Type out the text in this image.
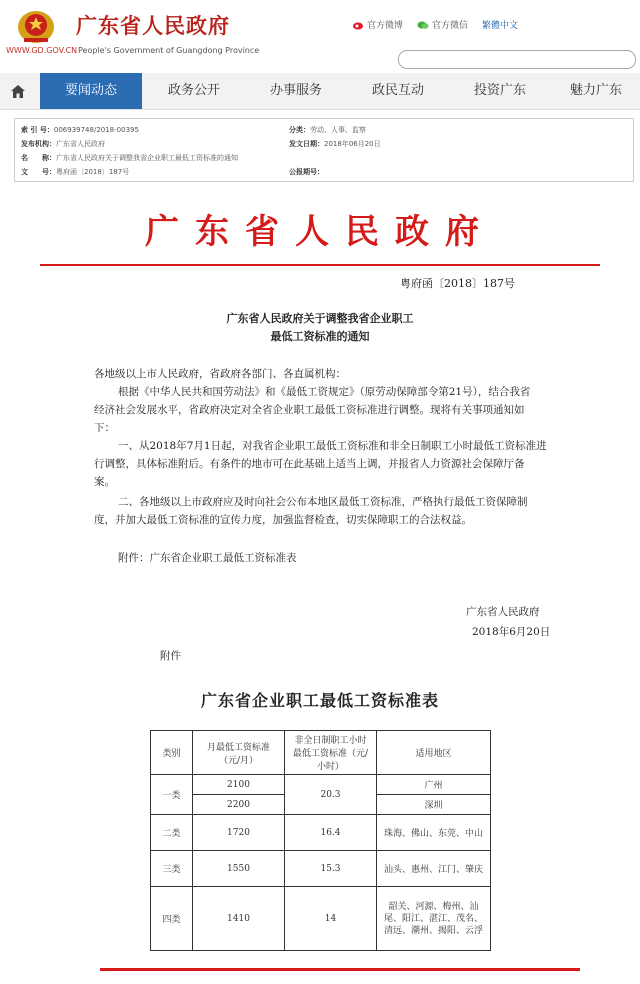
广东省人民政府
WWW.GD.GOV.CN People's Government of Guangdong Province
官方微博	官方微信 繁體中文
要闻动态	政务公开	办事服务	政民互动	投资广东	魅力广东
索 引 号：006939748/2018-00395	分类：劳动、人事、监察
发布机构：广东省人民政府	发文日期：2018年06月20日
名　　称：广东省人民政府关于调整我省企业职工最低工资标准的通知
文　　号：粤府函〔2018〕187号	公报期号：
广东省人民政府
粤府函〔2018〕187号
广东省人民政府关于调整我省企业职工
最低工资标准的通知
各地级以上市人民政府，省政府各部门、各直属机构：
根据《中华人民共和国劳动法》和《最低工资规定》（原劳动保障部令第21号），结合我省
经济社会发展水平，省政府决定对全省企业职工最低工资标准进行调整。现将有关事项通知如
下：
一、从2018年7月1日起，对我省企业职工最低工资标准和非全日制职工小时最低工资标准进
行调整，具体标准附后。有条件的地市可在此基础上适当上调，并报省人力资源社会保障厅备
案。
二、各地级以上市政府应及时向社会公布本地区最低工资标准，严格执行最低工资保障制
度，并加大最低工资标准的宣传力度，加强监督检查，切实保障职工的合法权益。
附件：广东省企业职工最低工资标准表
广东省人民政府
2018年6月20日
附件
广东省企业职工最低工资标准表
类别	月最低工资标准（元/月）	非全日制职工小时最低工资标准（元/小时）	适用地区
一类	2100	20.3	广州
	2200		深圳
二类	1720	16.4	珠海、佛山、东莞、中山
三类	1550	15.3	汕头、惠州、江门、肇庆
四类	1410	14	韶关、河源、梅州、汕尾、阳江、湛江、茂名、清远、潮州、揭阳、云浮
